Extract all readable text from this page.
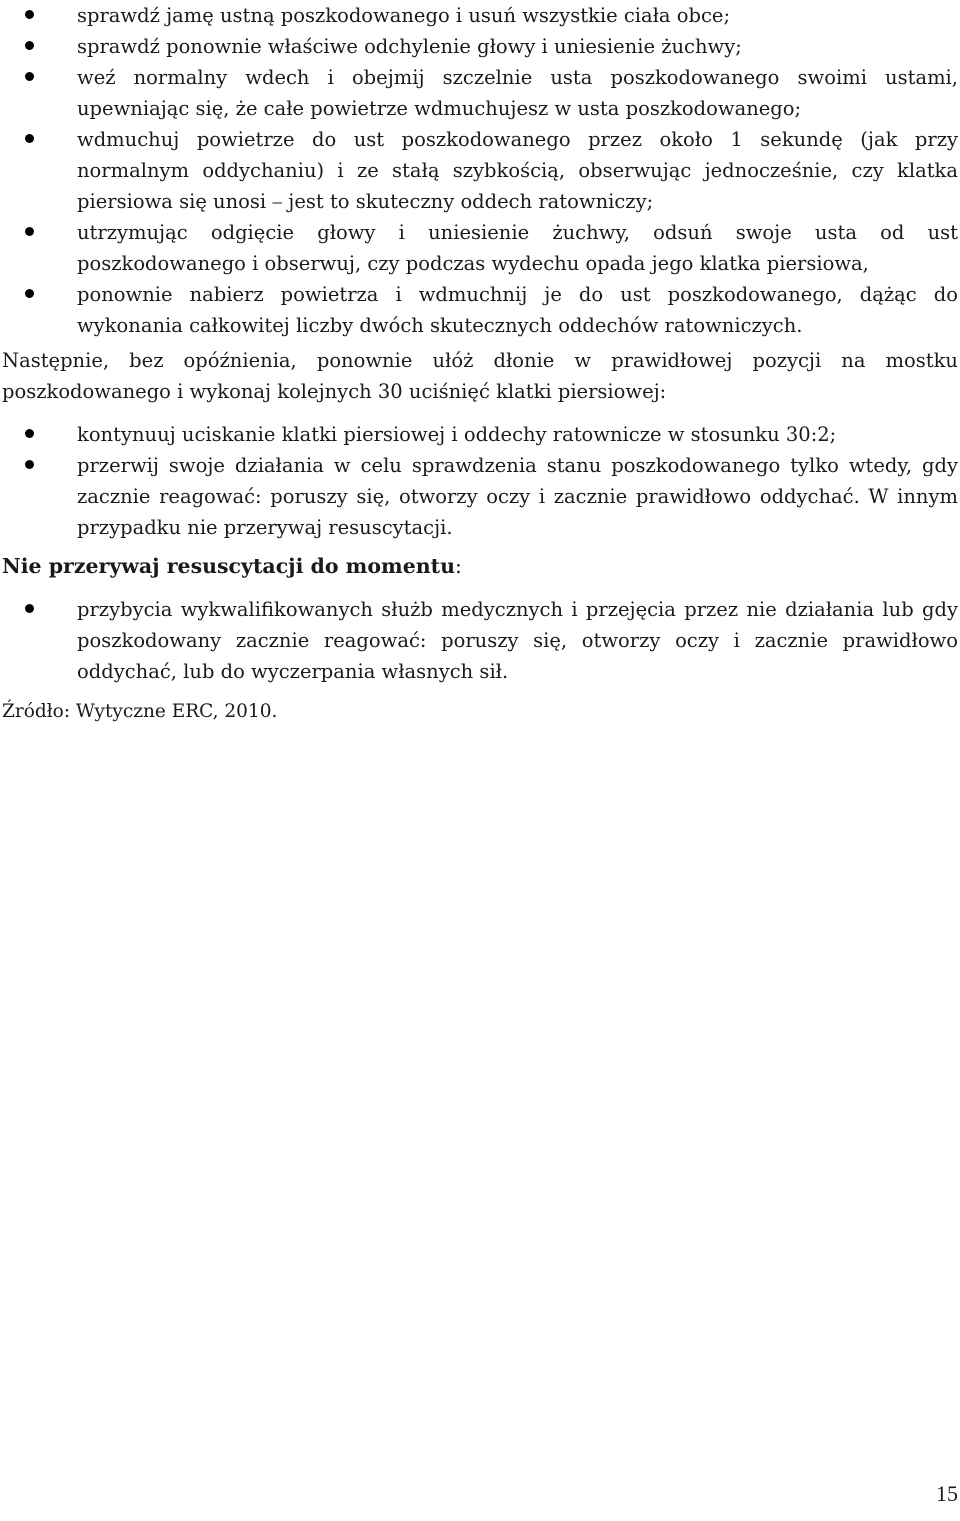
sprawdź jamę ustną poszkodowanego i usuń wszystkie ciała obce;
sprawdź ponownie właściwe odchylenie głowy i uniesienie żuchwy;
weź normalny wdech i obejmij szczelnie usta poszkodowanego swoimi ustami, upewniając się, że całe powietrze wdmuchujesz w usta poszkodowanego;
wdmuchuj powietrze do ust poszkodowanego przez około 1 sekundę (jak przy normalnym oddychaniu) i ze stałą szybkością, obserwując jednocześnie, czy klatka piersiowa się unosi ⎯ jest to skuteczny oddech ratowniczy;
utrzymując odgięcie głowy i uniesienie żuchwy, odsuń swoje usta od ust poszkodowanego i obserwuj, czy podczas wydechu opada jego klatka piersiowa,
ponownie nabierz powietrza i wdmuchnij je do ust poszkodowanego, dążąc do wykonania całkowitej liczby dwóch skutecznych oddechów ratowniczych.

Następnie, bez opóźnienia, ponownie ułóż dłonie w prawidłowej pozycji na mostku poszkodowanego i wykonaj kolejnych 30 uciśnięć klatki piersiowej:

kontynuuj uciskanie klatki piersiowej i oddechy ratownicze w stosunku 30:2;
przerwij swoje działania w celu sprawdzenia stanu poszkodowanego tylko wtedy, gdy zacznie reagować: poruszy się, otworzy oczy i zacznie prawidłowo oddychać. W innym przypadku nie przerywaj resuscytacji.

Nie przerywaj resuscytacji do momentu:

przybycia wykwalifikowanych służb medycznych i przejęcia przez nie działania lub gdy poszkodowany zacznie reagować: poruszy się, otworzy oczy i zacznie prawidłowo oddychać, lub do wyczerpania własnych sił.

Źródło: Wytyczne ERC, 2010.

15
